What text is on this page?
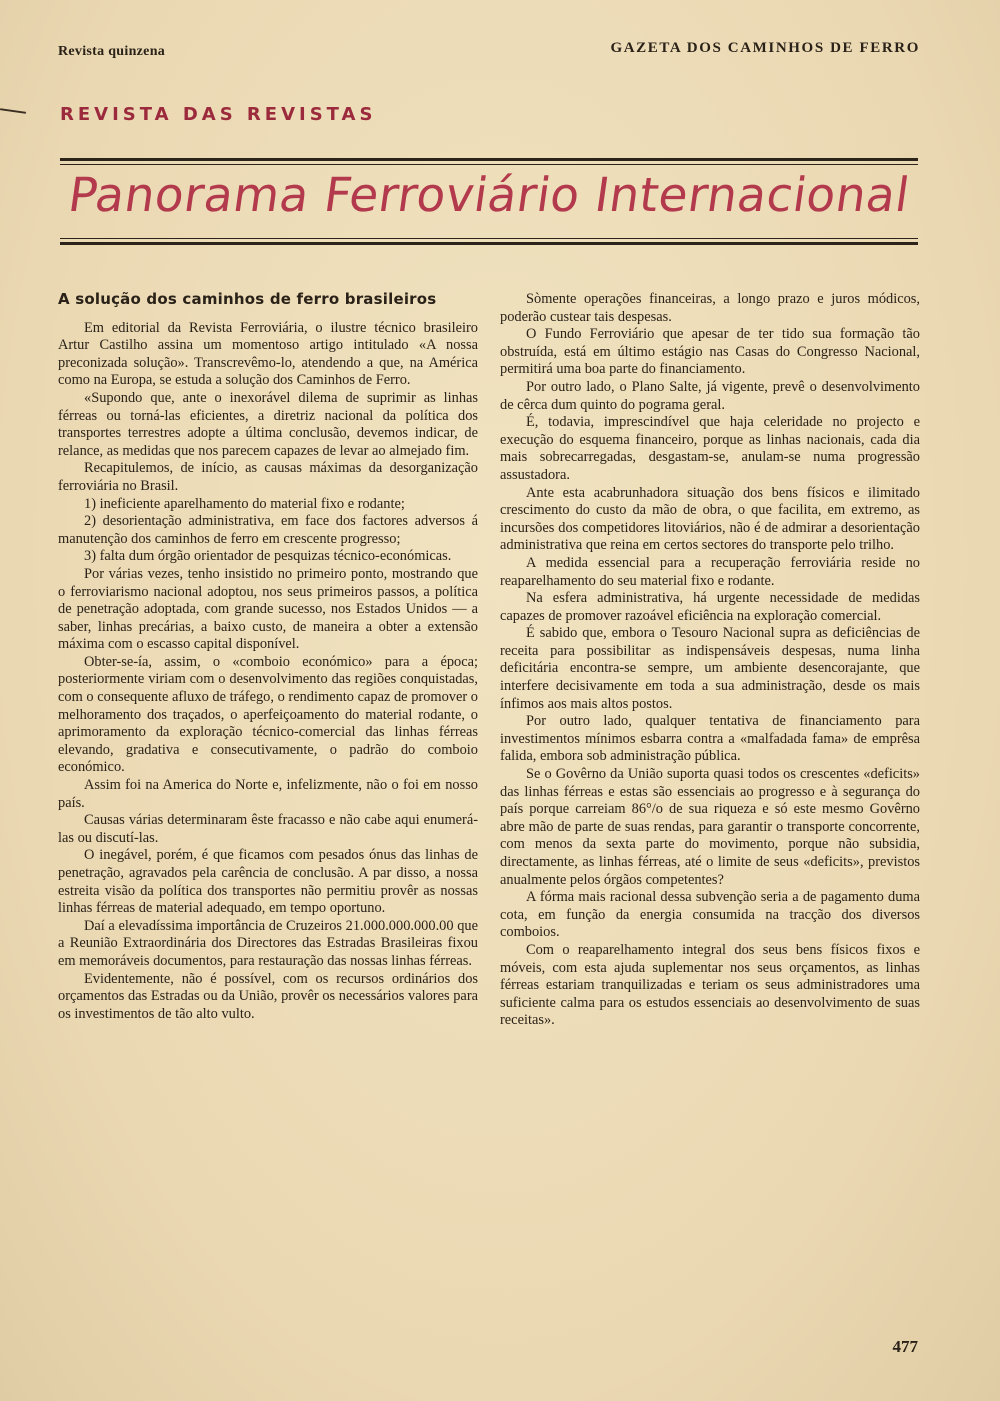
Revista quinzena	GAZETA DOS CAMINHOS DE FERRO
REVISTA DAS REVISTAS
Panorama Ferroviário Internacional

A solução dos caminhos de ferro brasileiros

Em editorial da Revista Ferroviária, o ilustre técnico brasileiro Artur Castilho assina um momentoso artigo intitulado «A nossa preconizada solução». Transcrevêmo-lo, atendendo a que, na América como na Europa, se estuda a solução dos Caminhos de Ferro.

«Supondo que, ante o inexorável dilema de suprimir as linhas férreas ou torná-las eficientes, a diretriz nacional da política dos transportes terrestres adopte a última conclusão, devemos indicar, de relance, as medidas que nos parecem capazes de levar ao almejado fim.

Recapitulemos, de início, as causas máximas da desorganização ferroviária no Brasil.

1) ineficiente aparelhamento do material fixo e rodante;

2) desorientação administrativa, em face dos factores adversos á manutenção dos caminhos de ferro em crescente progresso;

3) falta dum órgão orientador de pesquizas técnico-económicas.

Por várias vezes, tenho insistido no primeiro ponto, mostrando que o ferroviarismo nacional adoptou, nos seus primeiros passos, a política de penetração adoptada, com grande sucesso, nos Estados Unidos — a saber, linhas precárias, a baixo custo, de maneira a obter a extensão máxima com o escasso capital disponível.

Obter-se-ía, assim, o «comboio económico» para a época; posteriormente viriam com o desenvolvimento das regiões conquistadas, com o consequente afluxo de tráfego, o rendimento capaz de promover o melhoramento dos traçados, o aperfeiçoamento do material rodante, o aprimoramento da exploração técnico-comercial das linhas férreas elevando, gradativa e consecutivamente, o padrão do comboio económico.

Assim foi na America do Norte e, infelizmente, não o foi em nosso país.

Causas várias determinaram êste fracasso e não cabe aqui enumerá-las ou discutí-las.

O inegável, porém, é que ficamos com pesados ónus das linhas de penetração, agravados pela carência de conclusão. A par disso, a nossa estreita visão da política dos transportes não permitiu provêr as nossas linhas férreas de material adequado, em tempo oportuno.

Daí a elevadíssima importância de Cruzeiros 21.000.000.000.00 que a Reunião Extraordinária dos Directores das Estradas Brasileiras fixou em memoráveis documentos, para restauração das nossas linhas férreas.

Evidentemente, não é possível, com os recursos ordinários dos orçamentos das Estradas ou da União, provêr os necessários valores para os investimentos de tão alto vulto.

Sòmente operações financeiras, a longo prazo e juros módicos, poderão custear tais despesas.

O Fundo Ferroviário que apesar de ter tido sua formação tão obstruída, está em último estágio nas Casas do Congresso Nacional, permitirá uma boa parte do financiamento.

Por outro lado, o Plano Salte, já vigente, prevê o desenvolvimento de cêrca dum quinto do pograma geral.

É, todavia, imprescindível que haja celeridade no projecto e execução do esquema financeiro, porque as linhas nacionais, cada dia mais sobrecarregadas, desgastam-se, anulam-se numa progressão assustadora.

Ante esta acabrunhadora situação dos bens físicos e ilimitado crescimento do custo da mão de obra, o que facilita, em extremo, as incursões dos competidores litoviários, não é de admirar a desorientação administrativa que reina em certos sectores do transporte pelo trilho.

A medida essencial para a recuperação ferroviária reside no reaparelhamento do seu material fixo e rodante.

Na esfera administrativa, há urgente necessidade de medidas capazes de promover razoável eficiência na exploração comercial.

É sabido que, embora o Tesouro Nacional supra as deficiências de receita para possibilitar as indispensáveis despesas, numa linha deficitária encontra-se sempre, um ambiente desencorajante, que interfere decisivamente em toda a sua administração, desde os mais ínfimos aos mais altos postos.

Por outro lado, qualquer tentativa de financiamento para investimentos mínimos esbarra contra a «malfadada fama» de emprêsa falida, embora sob administração pública.

Se o Govêrno da União suporta quasi todos os crescentes «deficits» das linhas férreas e estas são essenciais ao progresso e à segurança do país porque carreiam 86°/o de sua riqueza e só este mesmo Govêrno abre mão de parte de suas rendas, para garantir o transporte concorrente, com menos da sexta parte do movimento, porque não subsidia, directamente, as linhas férreas, até o limite de seus «deficits», previstos anualmente pelos órgãos competentes?

A fórma mais racional dessa subvenção seria a de pagamento duma cota, em função da energia consumida na tracção dos diversos comboios.

Com o reaparelhamento integral dos seus bens físicos fixos e móveis, com esta ajuda suplementar nos seus orçamentos, as linhas férreas estariam tranquilizadas e teriam os seus administradores uma suficiente calma para os estudos essenciais ao desenvolvimento de suas receitas».

477
